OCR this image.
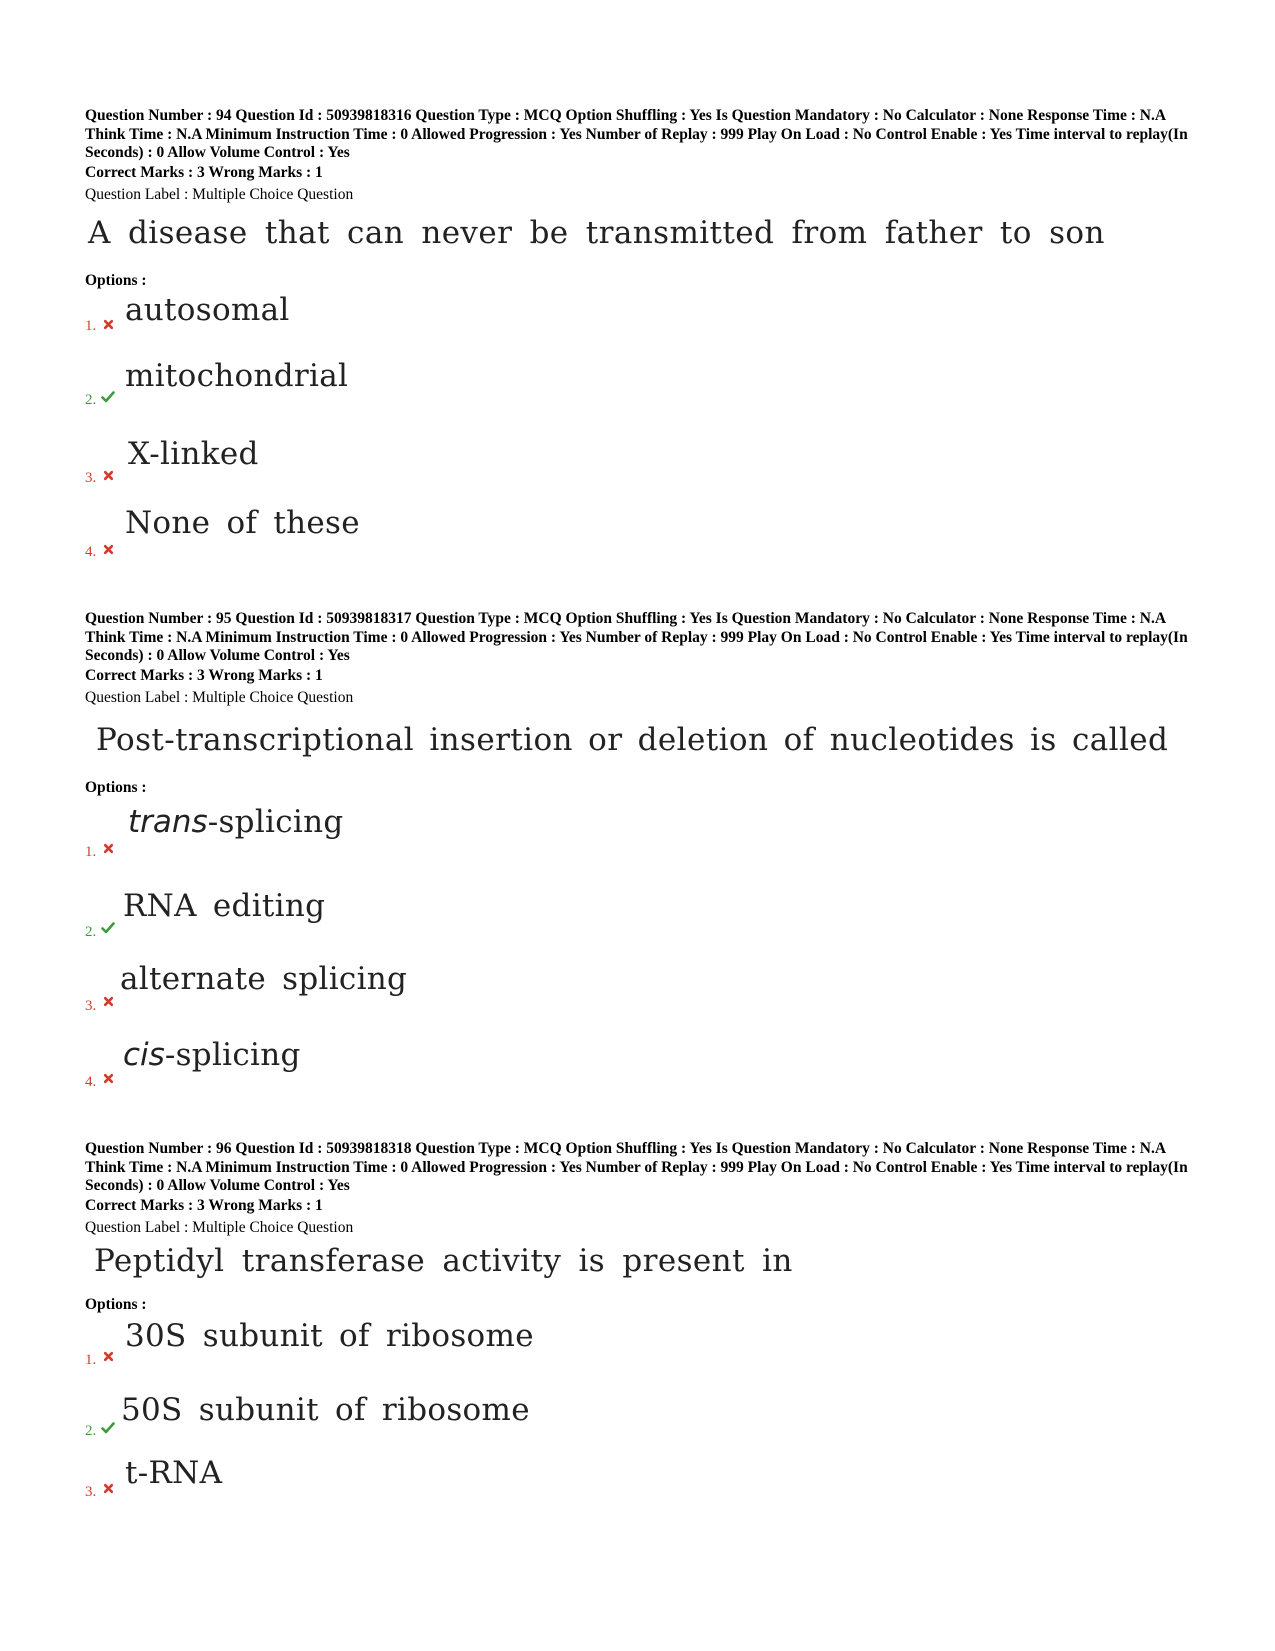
Question Number : 94 Question Id : 50939818316 Question Type : MCQ Option Shuffling : Yes Is Question Mandatory : No Calculator : None Response Time : N.A Think Time : N.A Minimum Instruction Time : 0 Allowed Progression : Yes Number of Replay : 999 Play On Load : No Control Enable : Yes Time interval to replay(In Seconds) : 0 Allow Volume Control : Yes
Correct Marks : 3 Wrong Marks : 1
Question Label : Multiple Choice Question
A disease that can never be transmitted from father to son
Options :
1. autosomal
2.
mitochondrial
3.
X-linked
4.
None of these
Question Number : 95 Question Id : 50939818317 Question Type : MCQ Option Shuffling : Yes Is Question Mandatory : No Calculator : None Response Time : N.A Think Time : N.A Minimum Instruction Time : 0 Allowed Progression : Yes Number of Replay : 999 Play On Load : No Control Enable : Yes Time interval to replay(In Seconds) : 0 Allow Volume Control : Yes
Correct Marks : 3 Wrong Marks : 1
Question Label : Multiple Choice Question
Post-transcriptional insertion or deletion of nucleotides is called
Options :
1.
trans-splicing
2.
RNA editing
3.
alternate splicing
4.
cis-splicing
Question Number : 96 Question Id : 50939818318 Question Type : MCQ Option Shuffling : Yes Is Question Mandatory : No Calculator : None Response Time : N.A Think Time : N.A Minimum Instruction Time : 0 Allowed Progression : Yes Number of Replay : 999 Play On Load : No Control Enable : Yes Time interval to replay(In Seconds) : 0 Allow Volume Control : Yes
Correct Marks : 3 Wrong Marks : 1
Question Label : Multiple Choice Question
Peptidyl transferase activity is present in
Options :
1.
30S subunit of ribosome
2.
50S subunit of ribosome
3.
t-RNA
